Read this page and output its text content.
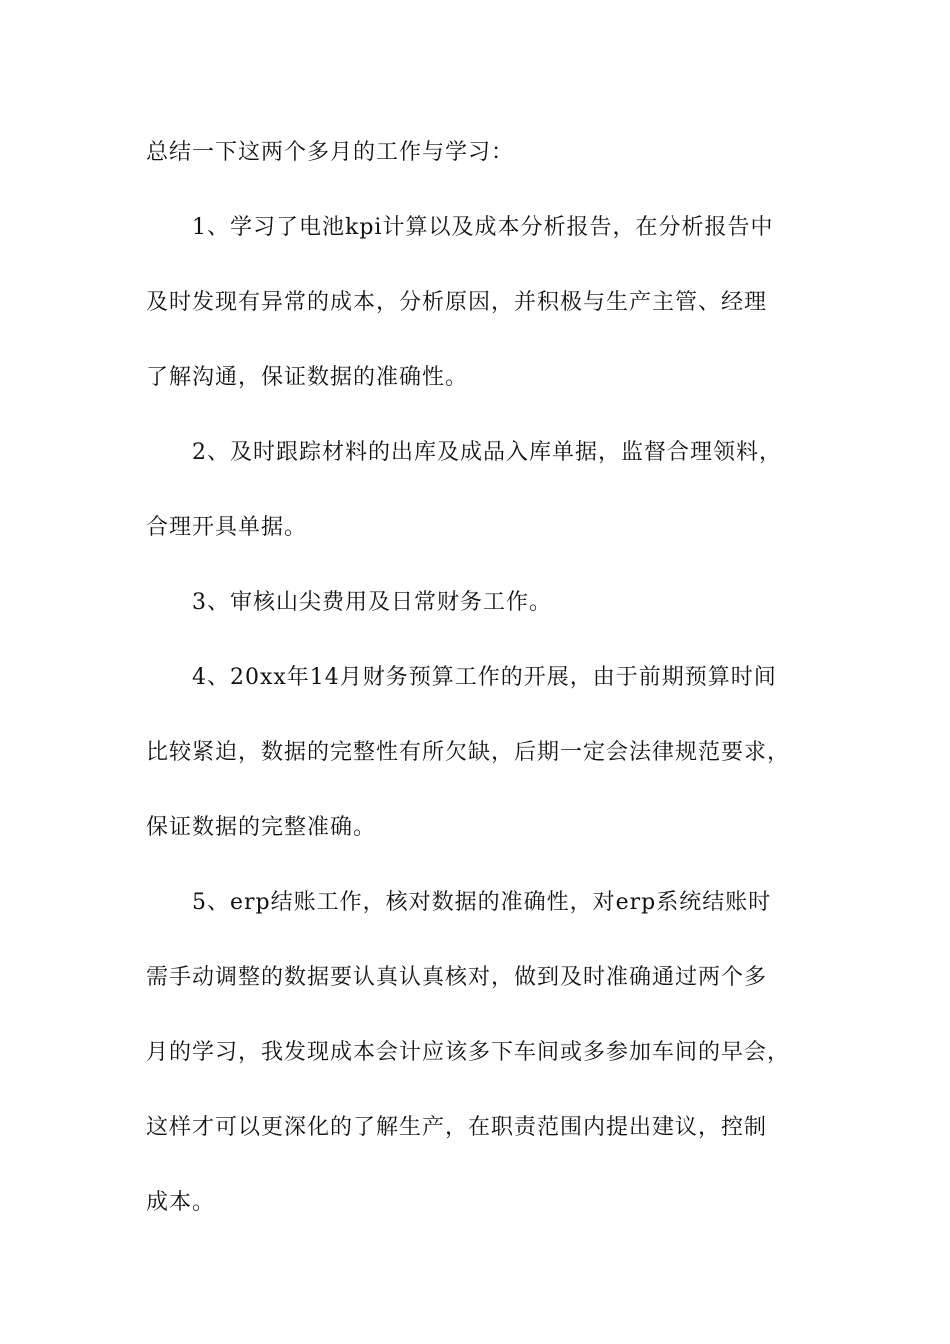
总结一下这两个多月的工作与学习：
1、学习了电池kpi计算以及成本分析报告，在分析报告中
及时发现有异常的成本，分析原因，并积极与生产主管、经理
了解沟通，保证数据的准确性。
2、及时跟踪材料的出库及成品入库单据，监督合理领料，
合理开具单据。
3、审核山尖费用及日常财务工作。
4、20xx年14月财务预算工作的开展，由于前期预算时间
比较紧迫，数据的完整性有所欠缺，后期一定会法律规范要求，
保证数据的完整准确。
5、erp结账工作，核对数据的准确性，对erp系统结账时
需手动调整的数据要认真认真核对，做到及时准确通过两个多
月的学习，我发现成本会计应该多下车间或多参加车间的早会，
这样才可以更深化的了解生产，在职责范围内提出建议，控制
成本。
